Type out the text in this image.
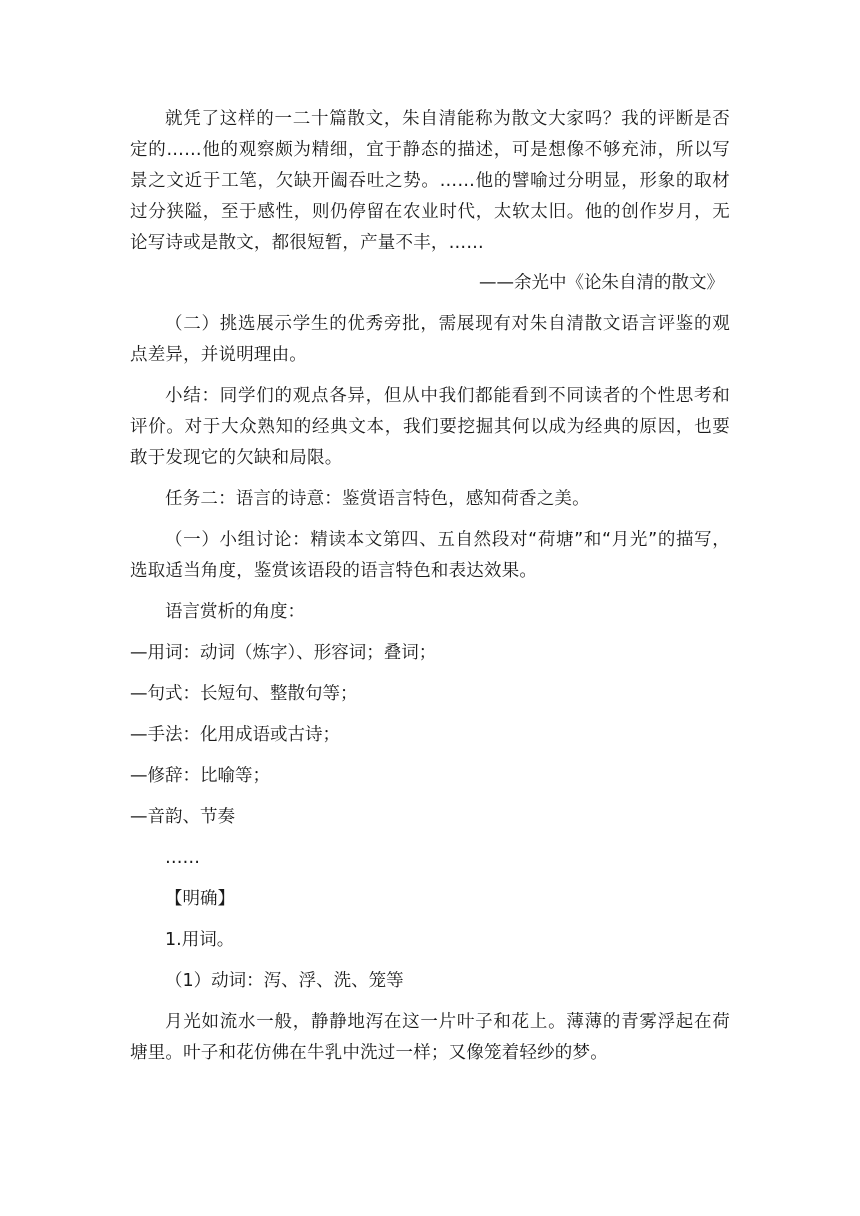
就凭了这样的一二十篇散文，朱自清能称为散文大家吗？我的评断是否定的……他的观察颇为精细，宜于静态的描述，可是想像不够充沛，所以写景之文近于工笔，欠缺开阖吞吐之势。……他的譬喻过分明显，形象的取材过分狭隘，至于感性，则仍停留在农业时代，太软太旧。他的创作岁月，无论写诗或是散文，都很短暂，产量不丰，……

——余光中《论朱自清的散文》

（二）挑选展示学生的优秀旁批，需展现有对朱自清散文语言评鉴的观点差异，并说明理由。

小结：同学们的观点各异，但从中我们都能看到不同读者的个性思考和评价。对于大众熟知的经典文本，我们要挖掘其何以成为经典的原因，也要敢于发现它的欠缺和局限。

任务二：语言的诗意：鉴赏语言特色，感知荷香之美。

（一）小组讨论：精读本文第四、五自然段对“荷塘”和“月光”的描写，选取适当角度，鉴赏该语段的语言特色和表达效果。

语言赏析的角度：

—用词：动词（炼字）、形容词；叠词；

—句式：长短句、整散句等；

—手法：化用成语或古诗；

—修辞：比喻等；

—音韵、节奏

……

【明确】

1.用词。

（1）动词：泻、浮、洗、笼等

月光如流水一般，静静地泻在这一片叶子和花上。薄薄的青雾浮起在荷塘里。叶子和花仿佛在牛乳中洗过一样；又像笼着轻纱的梦。
